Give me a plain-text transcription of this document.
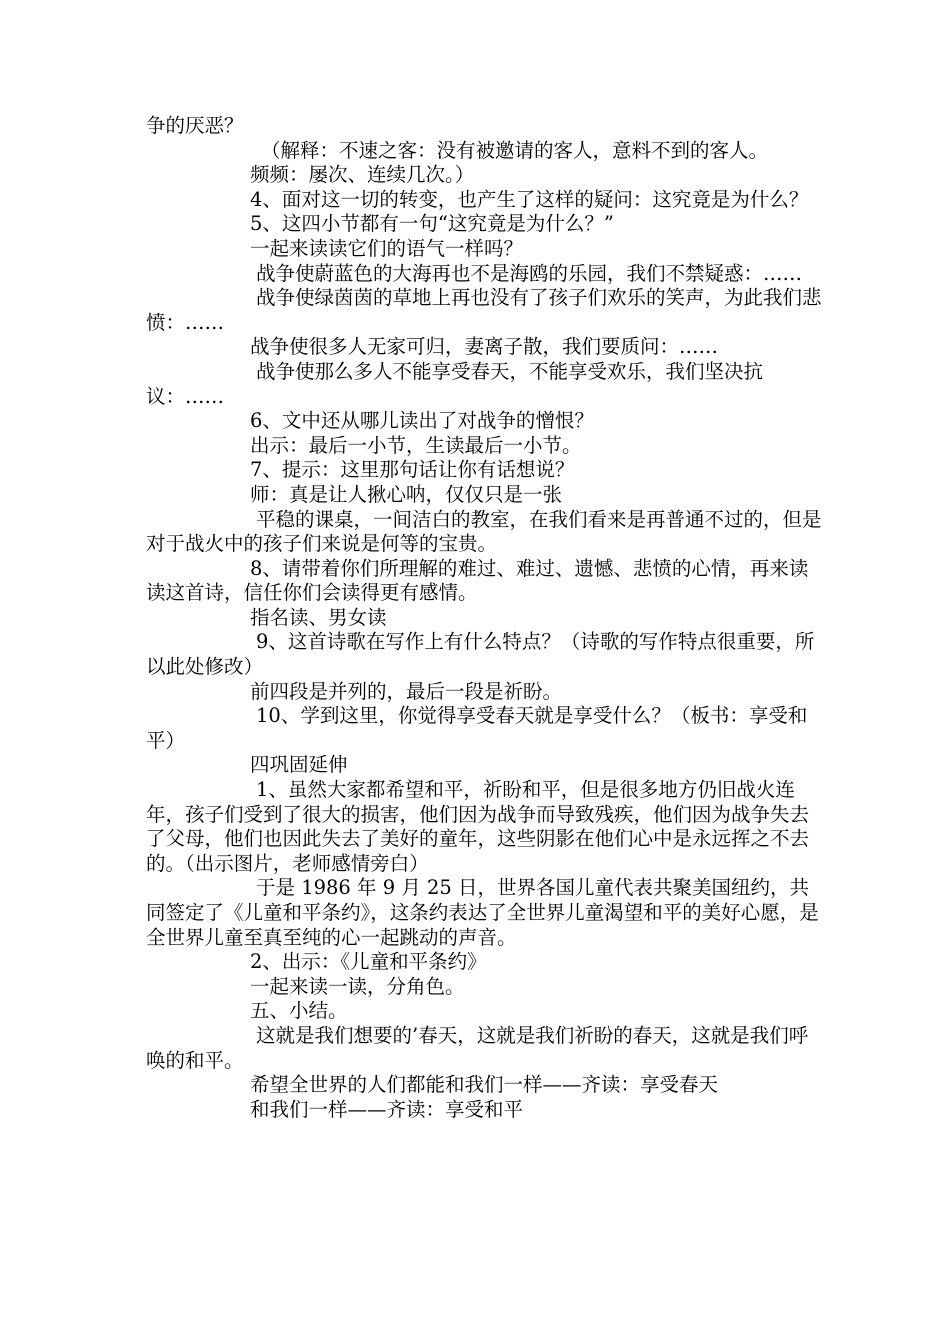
争的厌恶？

（解释：不速之客：没有被邀请的客人，意料不到的客人。

频频：屡次、连续几次。）

4、面对这一切的转变，也产生了这样的疑问：这究竟是为什么？

5、这四小节都有一句“这究竟是为什么？”

一起来读读它们的语气一样吗？

战争使蔚蓝色的大海再也不是海鸥的乐园，我们不禁疑惑：……

战争使绿茵茵的草地上再也没有了孩子们欢乐的笑声，为此我们悲愤：……

战争使很多人无家可归，妻离子散，我们要质问：……

战争使那么多人不能享受春天，不能享受欢乐，我们坚决抗议：……

6、文中还从哪儿读出了对战争的憎恨？

出示：最后一小节，生读最后一小节。

7、提示：这里那句话让你有话想说？

师：真是让人揪心呐，仅仅只是一张

平稳的课桌，一间洁白的教室，在我们看来是再普通不过的，但是对于战火中的孩子们来说是何等的宝贵。

8、请带着你们所理解的难过、难过、遗憾、悲愤的心情，再来读读这首诗，信任你们会读得更有感情。

指名读、男女读

9、这首诗歌在写作上有什么特点？（诗歌的写作特点很重要，所以此处修改）

前四段是并列的，最后一段是祈盼。

10、学到这里，你觉得享受春天就是享受什么？（板书：享受和平）

四巩固延伸

1、虽然大家都希望和平，祈盼和平，但是很多地方仍旧战火连年，孩子们受到了很大的损害，他们因为战争而导致残疾，他们因为战争失去了父母，他们也因此失去了美好的童年，这些阴影在他们心中是永远挥之不去的。（出示图片，老师感情旁白）

于是 1986 年 9 月 25 日，世界各国儿童代表共聚美国纽约，共同签定了《儿童和平条约》，这条约表达了全世界儿童渴望和平的美好心愿，是全世界儿童至真至纯的心一起跳动的声音。

2、出示：《儿童和平条约》

一起来读一读，分角色。

五、小结。

这就是我们想要的’春天，这就是我们祈盼的春天，这就是我们呼唤的和平。

希望全世界的人们都能和我们一样——齐读：享受春天

和我们一样——齐读：享受和平
